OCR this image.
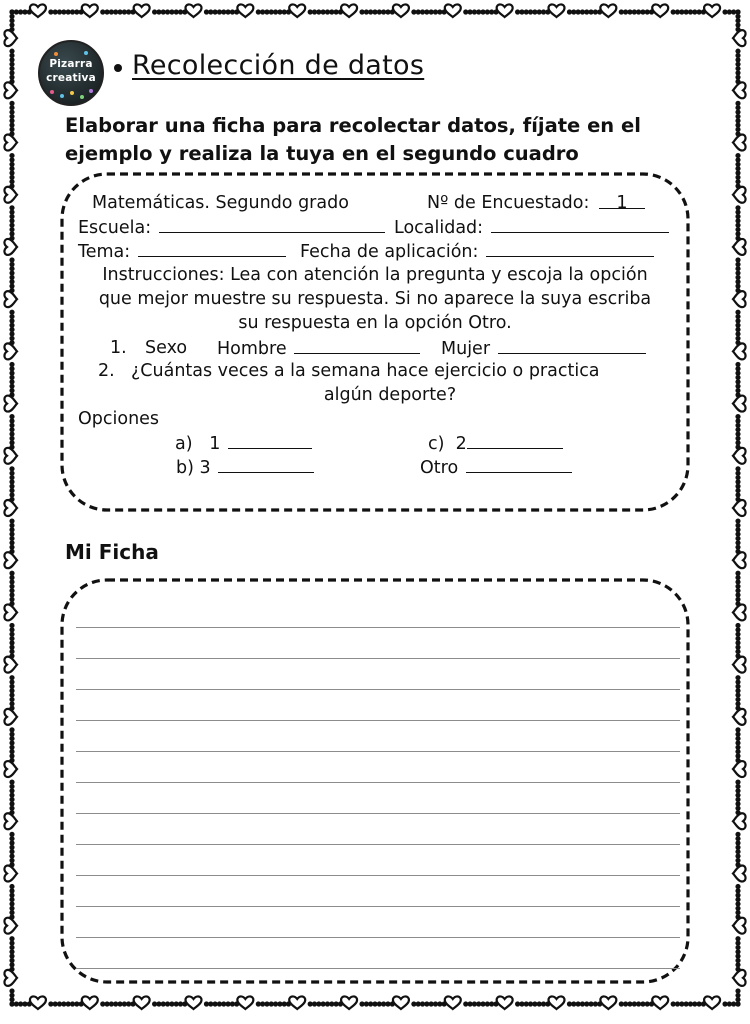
Pizarra
creativa Recolección de datos
Elaborar una ficha para recolectar datos, fíjate en el ejemplo y realiza la tuya en el segundo cuadro
Matemáticas. Segundo grado	Nº de Encuestado: 1
Escuela:	Localidad:
Tema:	Fecha de aplicación:
Instrucciones: Lea con atención la pregunta y escoja la opción
que mejor muestre su respuesta. Si no aparece la suya escriba
su respuesta en la opción Otro.
1. Sexo Hombre	Mujer
2. ¿Cuántas veces a la semana hace ejercicio o practica
algún deporte?
Opciones
a) 1	c) 2
b) 3	Otro
Mi Ficha
